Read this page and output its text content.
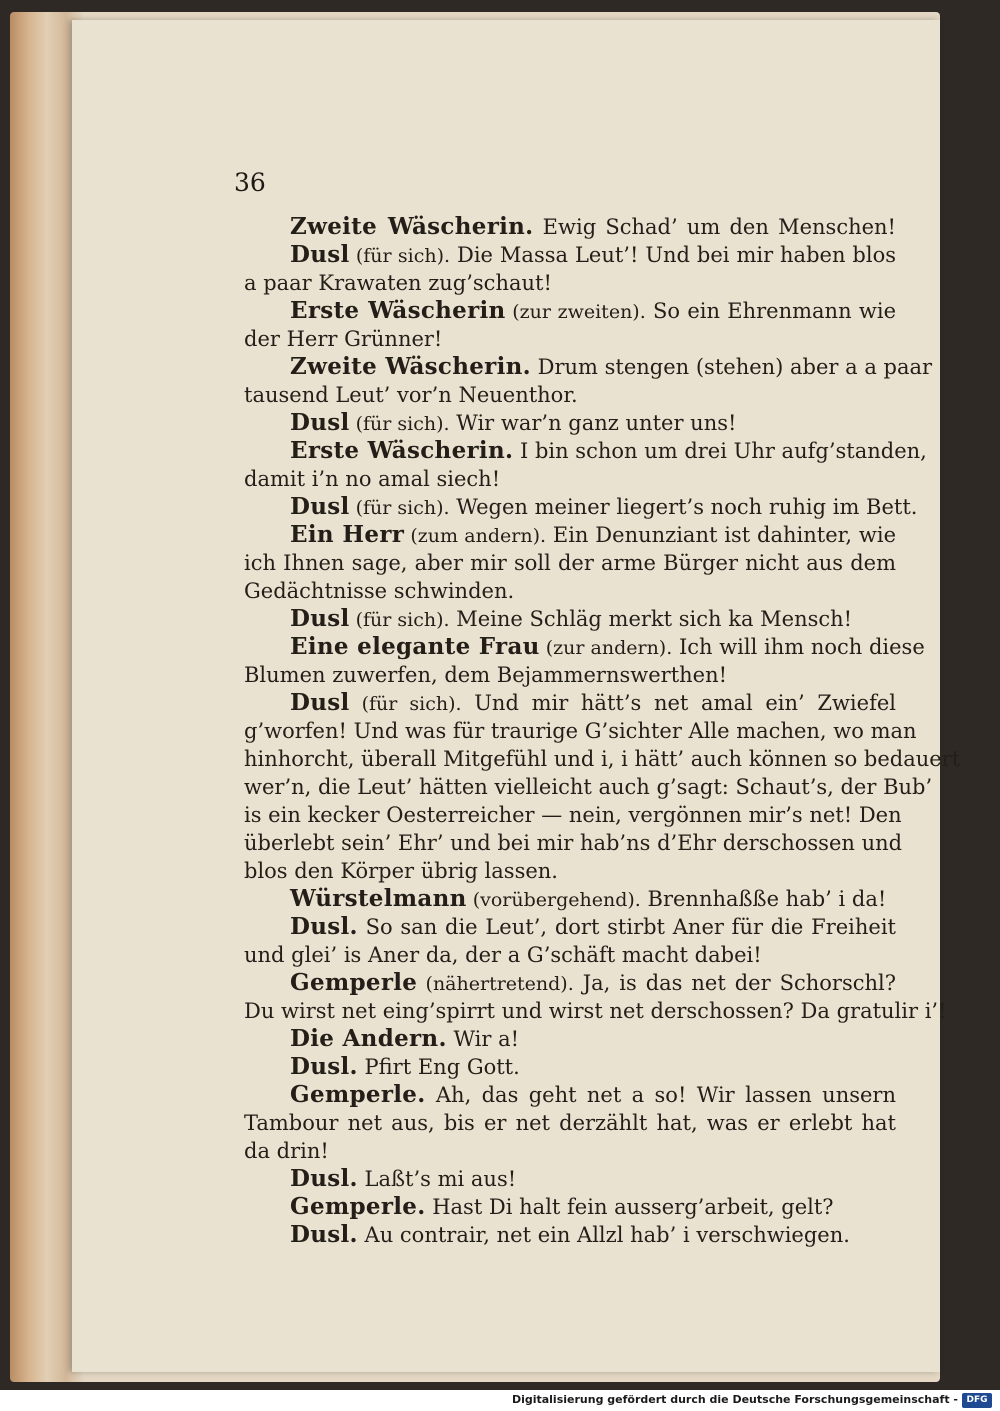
36
Zweite Wäscherin. Ewig Schad’ um den Menschen!
Dusl (für sich). Die Massa Leut’! Und bei mir haben blos
a paar Krawaten zug’schaut!
Erste Wäscherin (zur zweiten). So ein Ehrenmann wie
der Herr Grünner!
Zweite Wäscherin. Drum stengen (stehen) aber a a paar
tausend Leut’ vor’n Neuenthor.
Dusl (für sich). Wir war’n ganz unter uns!
Erste Wäscherin. I bin schon um drei Uhr aufg’standen,
damit i’n no amal siech!
Dusl (für sich). Wegen meiner liegert’s noch ruhig im Bett.
Ein Herr (zum andern). Ein Denunziant ist dahinter, wie
ich Ihnen sage, aber mir soll der arme Bürger nicht aus dem
Gedächtnisse schwinden.
Dusl (für sich). Meine Schläg merkt sich ka Mensch!
Eine elegante Frau (zur andern). Ich will ihm noch diese
Blumen zuwerfen, dem Bejammernswerthen!
Dusl (für sich). Und mir hätt’s net amal ein’ Zwiefel
g’worfen! Und was für traurige G’sichter Alle machen, wo man
hinhorcht, überall Mitgefühl und i, i hätt’ auch können so bedauert
wer’n, die Leut’ hätten vielleicht auch g’sagt: Schaut’s, der Bub’
is ein kecker Oesterreicher — nein, vergönnen mir’s net! Den
überlebt sein’ Ehr’ und bei mir hab’ns d’Ehr derschossen und
blos den Körper übrig lassen.
Würstelmann (vorübergehend). Brennhaßße hab’ i da!
Dusl. So san die Leut’, dort stirbt Aner für die Freiheit
und glei’ is Aner da, der a G’schäft macht dabei!
Gemperle (nähertretend). Ja, is das net der Schorschl?
Du wirst net eing’spirrt und wirst net derschossen? Da gratulir i’!
Die Andern. Wir a!
Dusl. Pfirt Eng Gott.
Gemperle. Ah, das geht net a so! Wir lassen unsern
Tambour net aus, bis er net derzählt hat, was er erlebt hat
da drin!
Dusl. Laßt’s mi aus!
Gemperle. Hast Di halt fein ausserg’arbeit, gelt?
Dusl. Au contrair, net ein Allzl hab’ i verschwiegen.
Digitalisierung gefördert durch die Deutsche Forschungsgemeinschaft - DFG
